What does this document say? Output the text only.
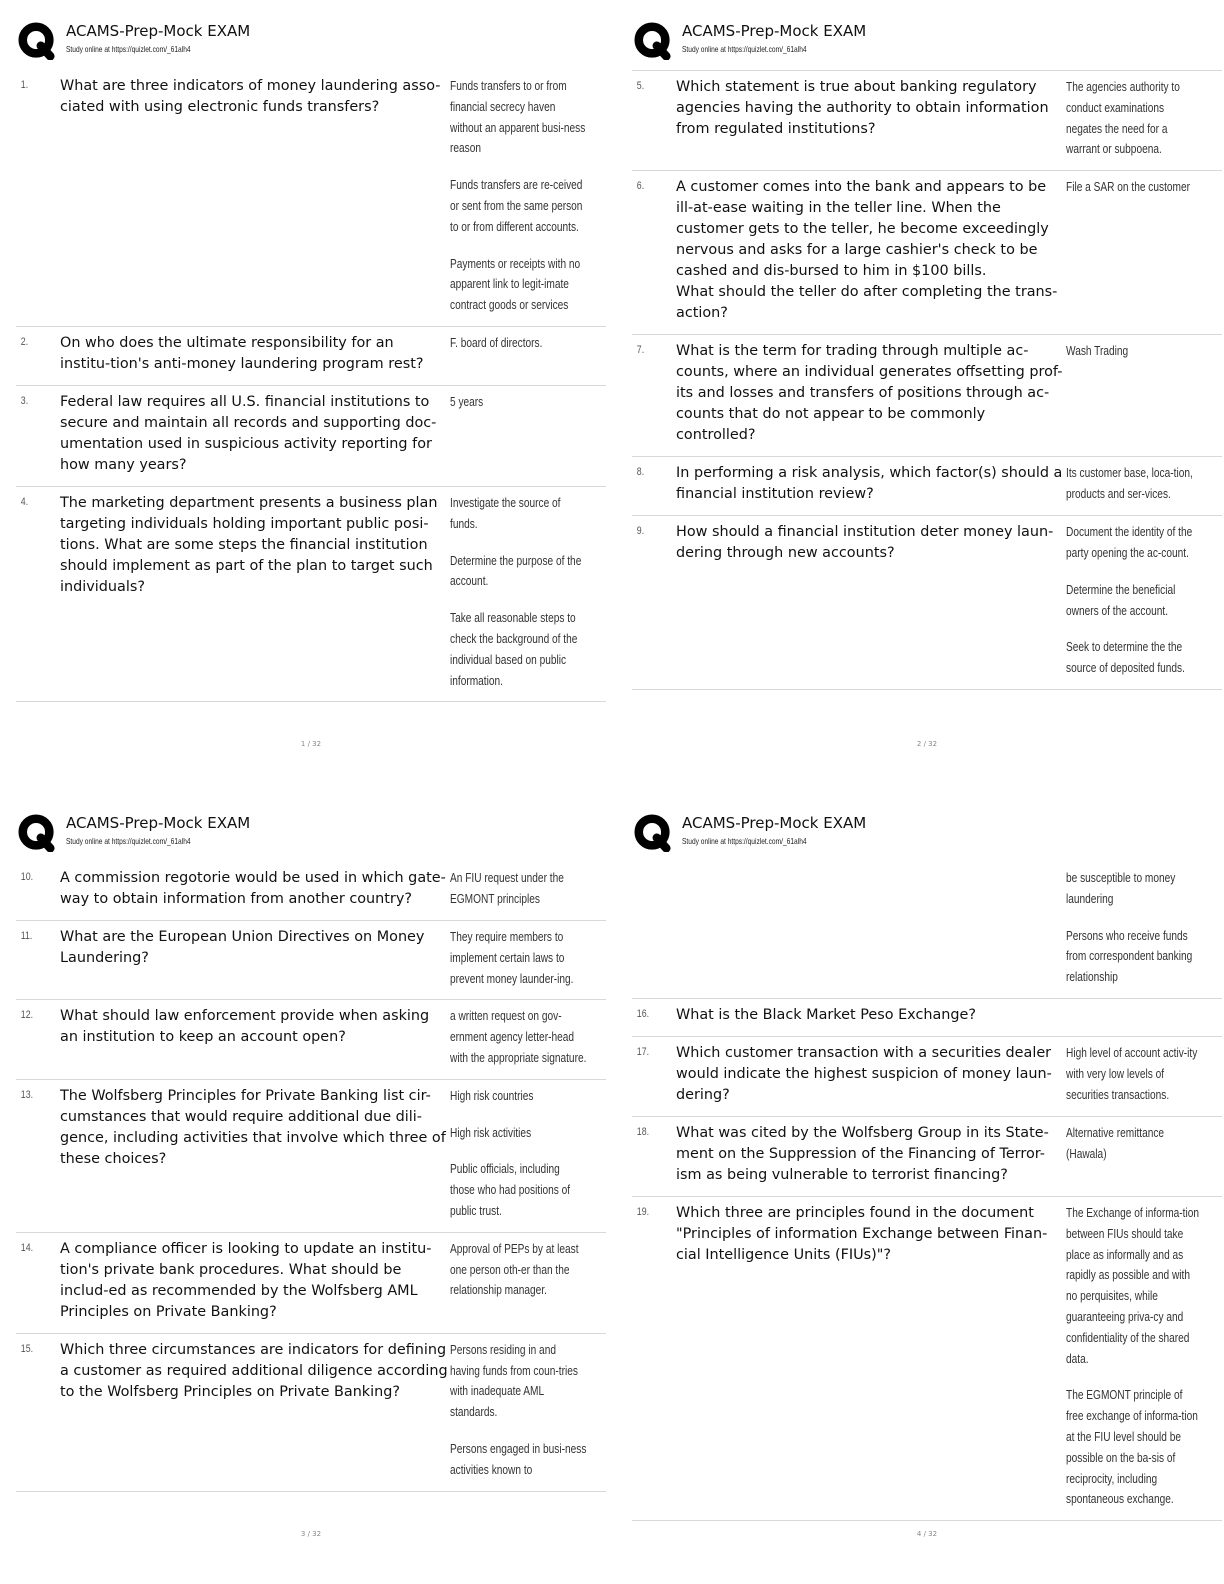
ACAMS-Prep-Mock EXAM
Study online at https://quizlet.com/_61alh4
1.	What are three indicators of money laundering asso-ciated with using electronic funds transfers?
Funds transfers to or from financial secrecy haven without an apparent busi-ness reason
Funds transfers are re-ceived or sent from the same person to or from different accounts.
Payments or receipts with no apparent link to legit-imate contract goods or services
2.	On who does the ultimate responsibility for an institu-tion's anti-money laundering program rest?
F. board of directors.
3.	Federal law requires all U.S. financial institutions to secure and maintain all records and supporting doc-umentation used in suspicious activity reporting for how many years?
5 years
4.	The marketing department presents a business plan targeting individuals holding important public posi-tions. What are some steps the financial institution should implement as part of the plan to target such individuals?
Investigate the source of funds.
Determine the purpose of the account.
Take all reasonable steps to check the background of the individual based on public information.
1 / 32
ACAMS-Prep-Mock EXAM
Study online at https://quizlet.com/_61alh4
5.	Which statement is true about banking regulatory agencies having the authority to obtain information from regulated institutions?
The agencies authority to conduct examinations negates the need for a warrant or subpoena.
6.	A customer comes into the bank and appears to be ill-at-ease waiting in the teller line. When the customer gets to the teller, he become exceedingly nervous and asks for a large cashier's check to be cashed and dis-bursed to him in $100 bills.
What should the teller do after completing the trans-action?
File a SAR on the customer
7.	What is the term for trading through multiple ac-counts, where an individual generates offsetting prof-its and losses and transfers of positions through ac-counts that do not appear to be commonly controlled?
Wash Trading
8.	In performing a risk analysis, which factor(s) should a financial institution review?
Its customer base, loca-tion, products and ser-vices.
9.	How should a financial institution deter money laun-dering through new accounts?
Document the identity of the party opening the ac-count.
Determine the beneficial owners of the account.
Seek to determine the the source of deposited funds.
2 / 32
ACAMS-Prep-Mock EXAM
Study online at https://quizlet.com/_61alh4
10.	A commission regotorie would be used in which gate-way to obtain information from another country?
An FIU request under the EGMONT principles
11.	What are the European Union Directives on Money Laundering?
They require members to implement certain laws to prevent money launder-ing.
12.	What should law enforcement provide when asking an institution to keep an account open?
a written request on gov-ernment agency letter-head with the appropriate signature.
13.	The Wolfsberg Principles for Private Banking list cir-cumstances that would require additional due dili-gence, including activities that involve which three of these choices?
High risk countries
High risk activities
Public officials, including those who had positions of public trust.
14.	A compliance officer is looking to update an institu-tion's private bank procedures. What should be includ-ed as recommended by the Wolfsberg AML Principles on Private Banking?
Approval of PEPs by at least one person oth-er than the relationship manager.
15.	Which three circumstances are indicators for defining a customer as required additional diligence according to the Wolfsberg Principles on Private Banking?
Persons residing in and having funds from coun-tries with inadequate AML standards.
Persons engaged in busi-ness activities known to
3 / 32
ACAMS-Prep-Mock EXAM
Study online at https://quizlet.com/_61alh4
be susceptible to money laundering
Persons who receive funds from correspondent banking relationship
16.	What is the Black Market Peso Exchange?
17.	Which customer transaction with a securities dealer would indicate the highest suspicion of money laun-dering?
High level of account activ-ity with very low levels of securities transactions.
18.	What was cited by the Wolfsberg Group in its State-ment on the Suppression of the Financing of Terror-ism as being vulnerable to terrorist financing?
Alternative remittance (Hawala)
19.	Which three are principles found in the document "Principles of information Exchange between Finan-cial Intelligence Units (FIUs)"?
The Exchange of informa-tion between FIUs should take place as informally and as rapidly as possible and with no perquisites, while guaranteeing priva-cy and confidentiality of the shared data.
The EGMONT principle of free exchange of informa-tion at the FIU level should be possible on the ba-sis of reciprocity, including spontaneous exchange.
4 / 32
